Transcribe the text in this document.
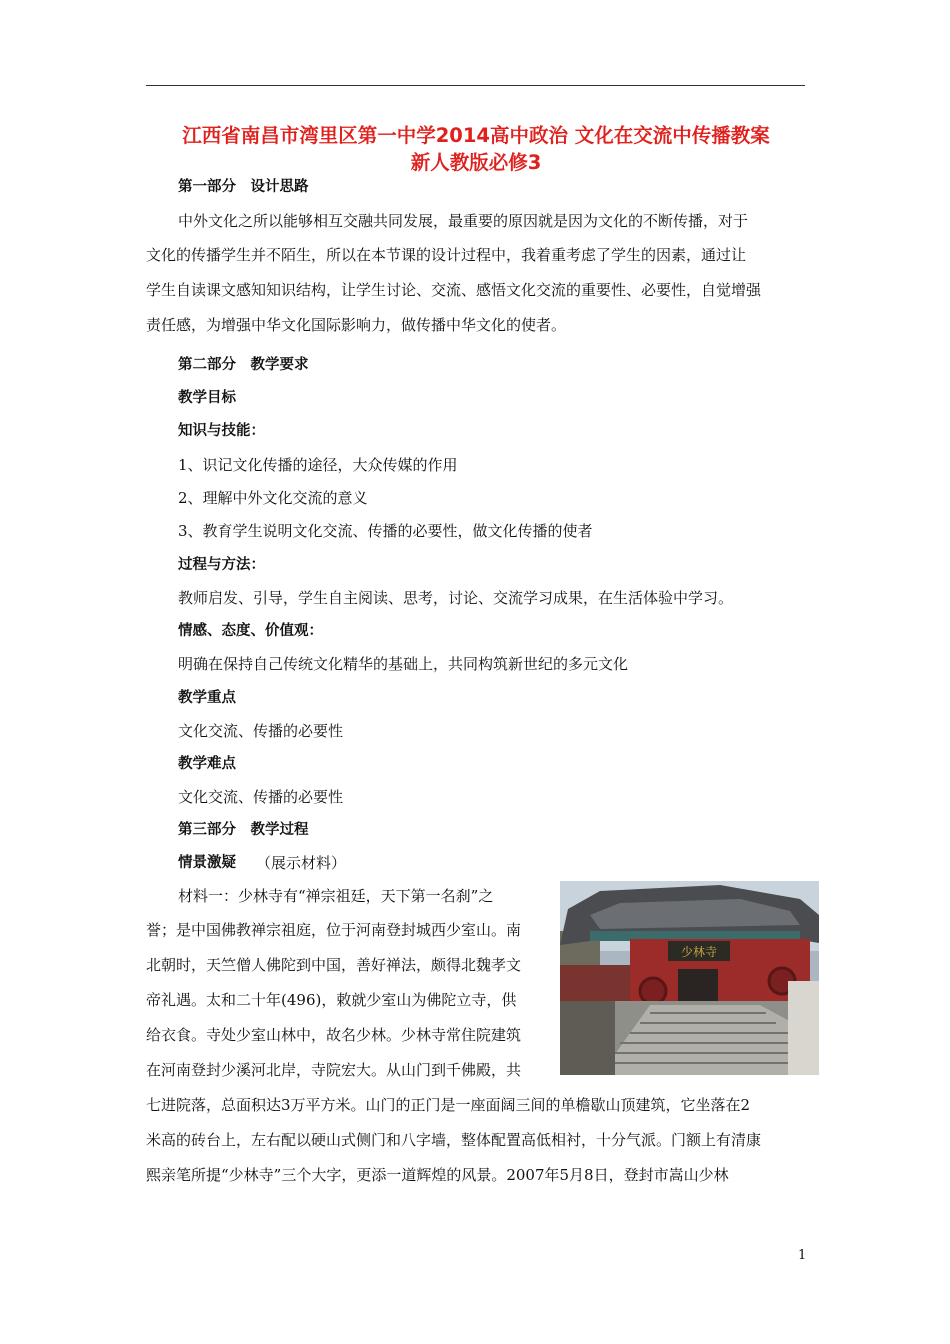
江西省南昌市湾里区第一中学2014高中政治 文化在交流中传播教案
新人教版必修3
第一部分　设计思路
中外文化之所以能够相互交融共同发展，最重要的原因就是因为文化的不断传播，对于
文化的传播学生并不陌生，所以在本节课的设计过程中，我着重考虑了学生的因素，通过让
学生自读课文感知知识结构，让学生讨论、交流、感悟文化交流的重要性、必要性，自觉增强
责任感，为增强中华文化国际影响力，做传播中华文化的使者。
第二部分　教学要求
教学目标
知识与技能：
1、识记文化传播的途径，大众传媒的作用
2、理解中外文化交流的意义
3、教育学生说明文化交流、传播的必要性，做文化传播的使者
过程与方法：
教师启发、引导，学生自主阅读、思考，讨论、交流学习成果，在生活体验中学习。
情感、态度、价值观：
明确在保持自己传统文化精华的基础上，共同构筑新世纪的多元文化
教学重点
文化交流、传播的必要性
教学难点
文化交流、传播的必要性
第三部分　教学过程
情景激疑 （展示材料）
材料一：少林寺有“禅宗祖廷，天下第一名刹”之
誉；是中国佛教禅宗祖庭，位于河南登封城西少室山。南
北朝时，天竺僧人佛陀到中国，善好禅法，颇得北魏孝文
帝礼遇。太和二十年(496)，敕就少室山为佛陀立寺，供
给衣食。寺处少室山林中，故名少林。少林寺常住院建筑
在河南登封少溪河北岸，寺院宏大。从山门到千佛殿，共
七进院落，总面积达3万平方米。山门的正门是一座面阔三间的单檐歇山顶建筑，它坐落在2
米高的砖台上，左右配以硬山式侧门和八字墙，整体配置高低相衬，十分气派。门额上有清康
熙亲笔所提“少林寺”三个大字，更添一道辉煌的风景。2007年5月8日，登封市嵩山少林
少林寺
1
